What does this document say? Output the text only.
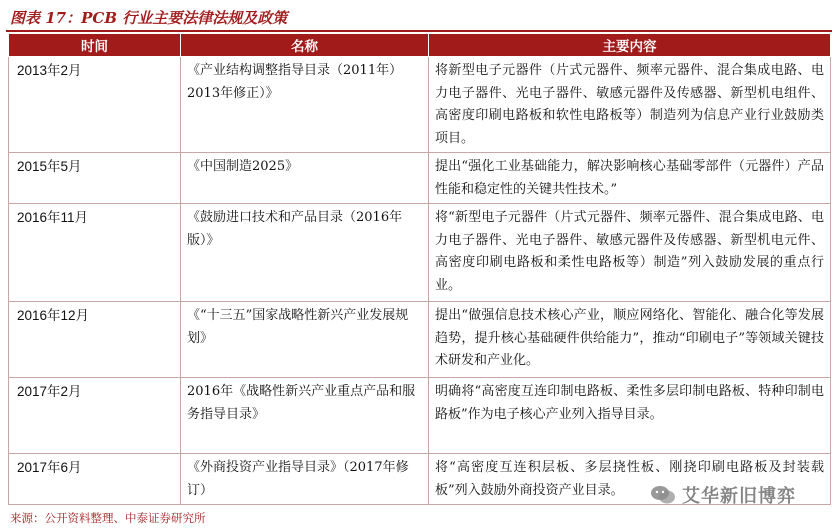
图表 17：PCB 行业主要法律法规及政策
时间	名称	主要内容
2013年2月	《产业结构调整指导目录（2011年）2013年修正）》	将新型电子元器件（片式元器件、频率元器件、混合集成电路、电力电子器件、光电子器件、敏感元器件及传感器、新型机电组件、高密度印刷电路板和软性电路板等）制造列为信息产业行业鼓励类项目。
2015年5月	《中国制造2025》	提出“强化工业基础能力，解决影响核心基础零部件（元器件）产品性能和稳定性的关键共性技术。”
2016年11月	《鼓励进口技术和产品目录（2016年版）》	将“新型电子元器件（片式元器件、频率元器件、混合集成电路、电力电子器件、光电子器件、敏感元器件及传感器、新型机电元件、高密度印刷电路板和柔性电路板等）制造”列入鼓励发展的重点行业。
2016年12月	《“十三五”国家战略性新兴产业发展规划》	提出“做强信息技术核心产业，顺应网络化、智能化、融合化等发展趋势，提升核心基础硬件供给能力”，推动“印刷电子”等领域关键技术研发和产业化。
2017年2月	2016年《战略性新兴产业重点产品和服务指导目录》	明确将“高密度互连印制电路板、柔性多层印制电路板、特种印制电路板”作为电子核心产业列入指导目录。
2017年6月	《外商投资产业指导目录》（2017年修订）	将“高密度互连积层板、多层挠性板、刚挠印刷电路板及封装载板”列入鼓励外商投资产业目录。
来源：公开资料整理、中泰证券研究所
艾华新旧博弈
